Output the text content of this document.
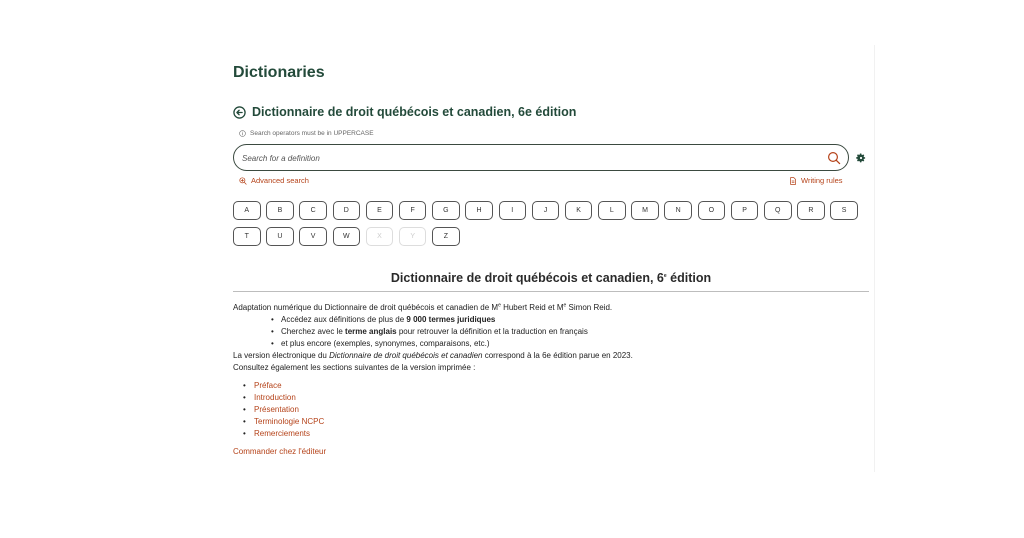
Dictionaries
Dictionnaire de droit québécois et canadien, 6e édition
Search operators must be in UPPERCASE
Search for a definition
Advanced search	Writing rules
A	B	C	D	E	F	G	H	I	J	K	L	M	N	O	P	Q	R	S
T	U	V	W	X	Y	Z
Dictionnaire de droit québécois et canadien, 6e édition

Adaptation numérique du Dictionnaire de droit québécois et canadien de Me Hubert Reid et Me Simon Reid.

• Accédez aux définitions de plus de 9 000 termes juridiques
• Cherchez avec le terme anglais pour retrouver la définition et la traduction en français
• et plus encore (exemples, synonymes, comparaisons, etc.)

La version électronique du Dictionnaire de droit québécois et canadien correspond à la 6e édition parue en 2023.

Consultez également les sections suivantes de la version imprimée :

• Préface
• Introduction
• Présentation
• Terminologie NCPC
• Remerciements
Commander chez l'éditeur
